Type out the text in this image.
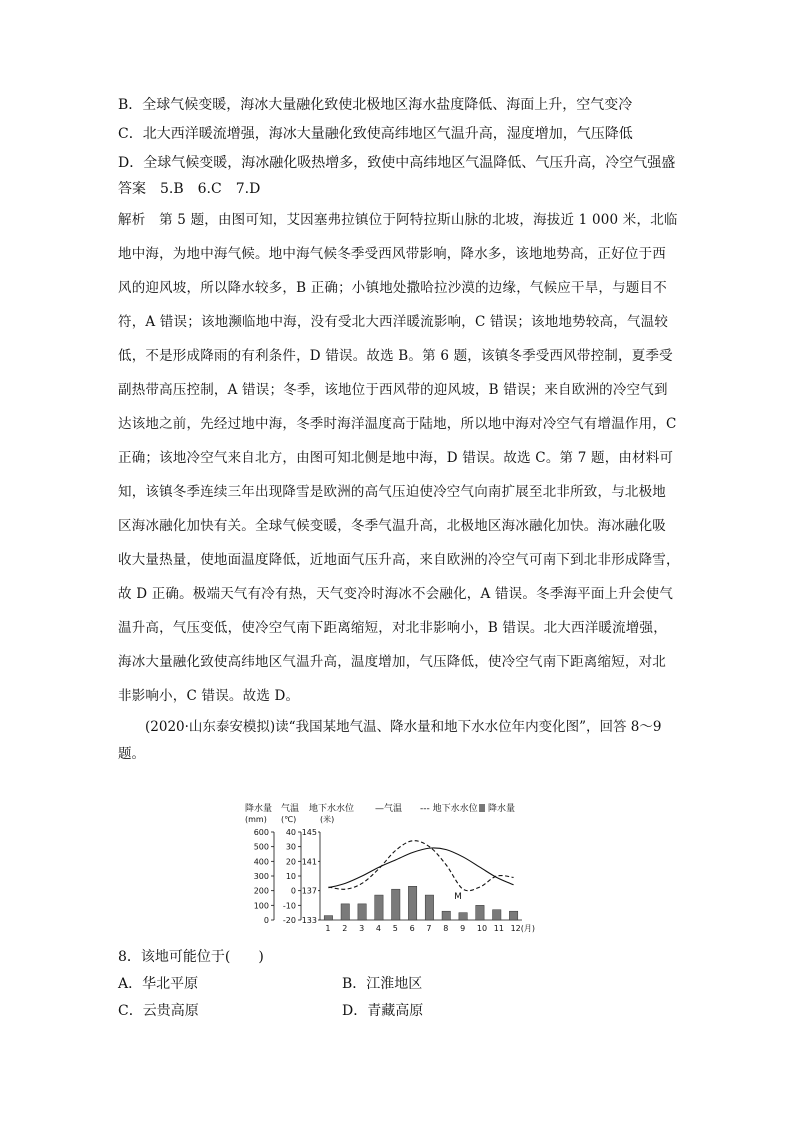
B．全球气候变暖，海冰大量融化致使北极地区海水盐度降低、海面上升，空气变冷
C．北大西洋暖流增强，海冰大量融化致使高纬地区气温升高，湿度增加，气压降低
D．全球气候变暖，海冰融化吸热增多，致使中高纬地区气温降低、气压升高，冷空气强盛
答案　5.B　6.C　7.D
解析　第 5 题，由图可知，艾因塞弗拉镇位于阿特拉斯山脉的北坡，海拔近 1 000 米，北临
地中海，为地中海气候。地中海气候冬季受西风带影响，降水多，该地地势高，正好位于西
风的迎风坡，所以降水较多，B 正确；小镇地处撒哈拉沙漠的边缘，气候应干旱，与题目不
符，A 错误；该地濒临地中海，没有受北大西洋暖流影响，C 错误；该地地势较高，气温较
低，不是形成降雨的有利条件，D 错误。故选 B。第 6 题，该镇冬季受西风带控制，夏季受
副热带高压控制，A 错误；冬季，该地位于西风带的迎风坡，B 错误；来自欧洲的冷空气到
达该地之前，先经过地中海，冬季时海洋温度高于陆地，所以地中海对冷空气有增温作用，C
正确；该地冷空气来自北方，由图可知北侧是地中海，D 错误。故选 C。第 7 题，由材料可
知，该镇冬季连续三年出现降雪是欧洲的高气压迫使冷空气向南扩展至北非所致，与北极地
区海冰融化加快有关。全球气候变暖，冬季气温升高，北极地区海冰融化加快。海冰融化吸
收大量热量，使地面温度降低，近地面气压升高，来自欧洲的冷空气可南下到北非形成降雪，
故 D 正确。极端天气有冷有热，天气变冷时海冰不会融化，A 错误。冬季海平面上升会使气
温升高，气压变低，使冷空气南下距离缩短，对北非影响小，B 错误。北大西洋暖流增强，
海冰大量融化致使高纬地区气温升高，温度增加，气压降低，使冷空气南下距离缩短，对北
非影响小，C 错误。故选 D。
(2020·山东泰安模拟)读“我国某地气温、降水量和地下水水位年内变化图”，回答 8～9
题。
降水量 气温 地下水水位
(mm) (℃)	(米)
—气温 --- 地下水水位 降水量
600
500
400
300
200
100
0
40
30
20
10
0
-10
-20
145
141
137
133
M
1 2 3 4 5 6 7 8 9 10 11 12(月)
8．该地可能位于(　　)
A．华北平原	B．江淮地区
C．云贵高原	D．青藏高原
